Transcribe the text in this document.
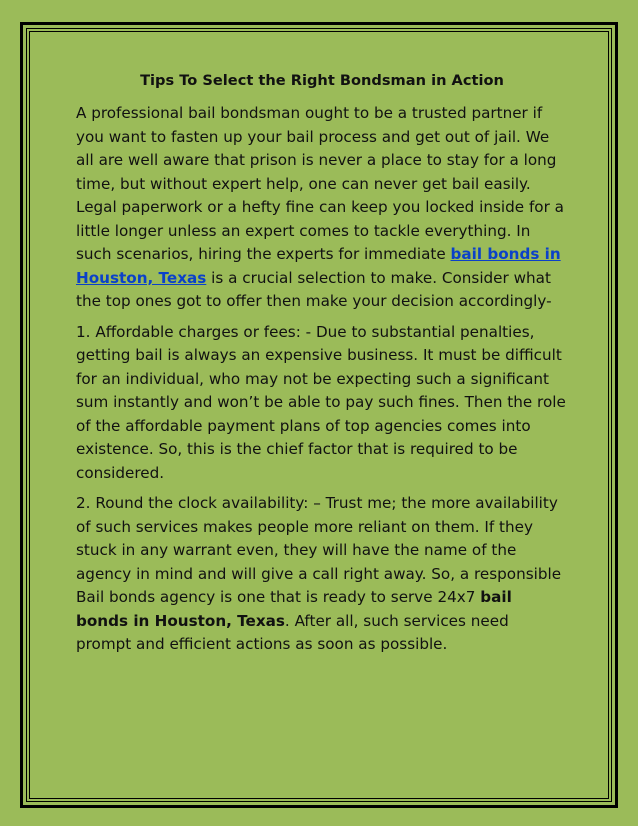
Tips To Select the Right Bondsman in Action

A professional bail bondsman ought to be a trusted partner if you want to fasten up your bail process and get out of jail. We all are well aware that prison is never a place to stay for a long time, but without expert help, one can never get bail easily. Legal paperwork or a hefty fine can keep you locked inside for a little longer unless an expert comes to tackle everything. In such scenarios, hiring the experts for immediate bail bonds in Houston, Texas is a crucial selection to make. Consider what the top ones got to offer then make your decision accordingly-

1. Affordable charges or fees: - Due to substantial penalties, getting bail is always an expensive business. It must be difficult for an individual, who may not be expecting such a significant sum instantly and won’t be able to pay such fines. Then the role of the affordable payment plans of top agencies comes into existence. So, this is the chief factor that is required to be considered.

2. Round the clock availability: – Trust me; the more availability of such services makes people more reliant on them. If they stuck in any warrant even, they will have the name of the agency in mind and will give a call right away. So, a responsible Bail bonds agency is one that is ready to serve 24x7 bail bonds in Houston, Texas. After all, such services need prompt and efficient actions as soon as possible.
